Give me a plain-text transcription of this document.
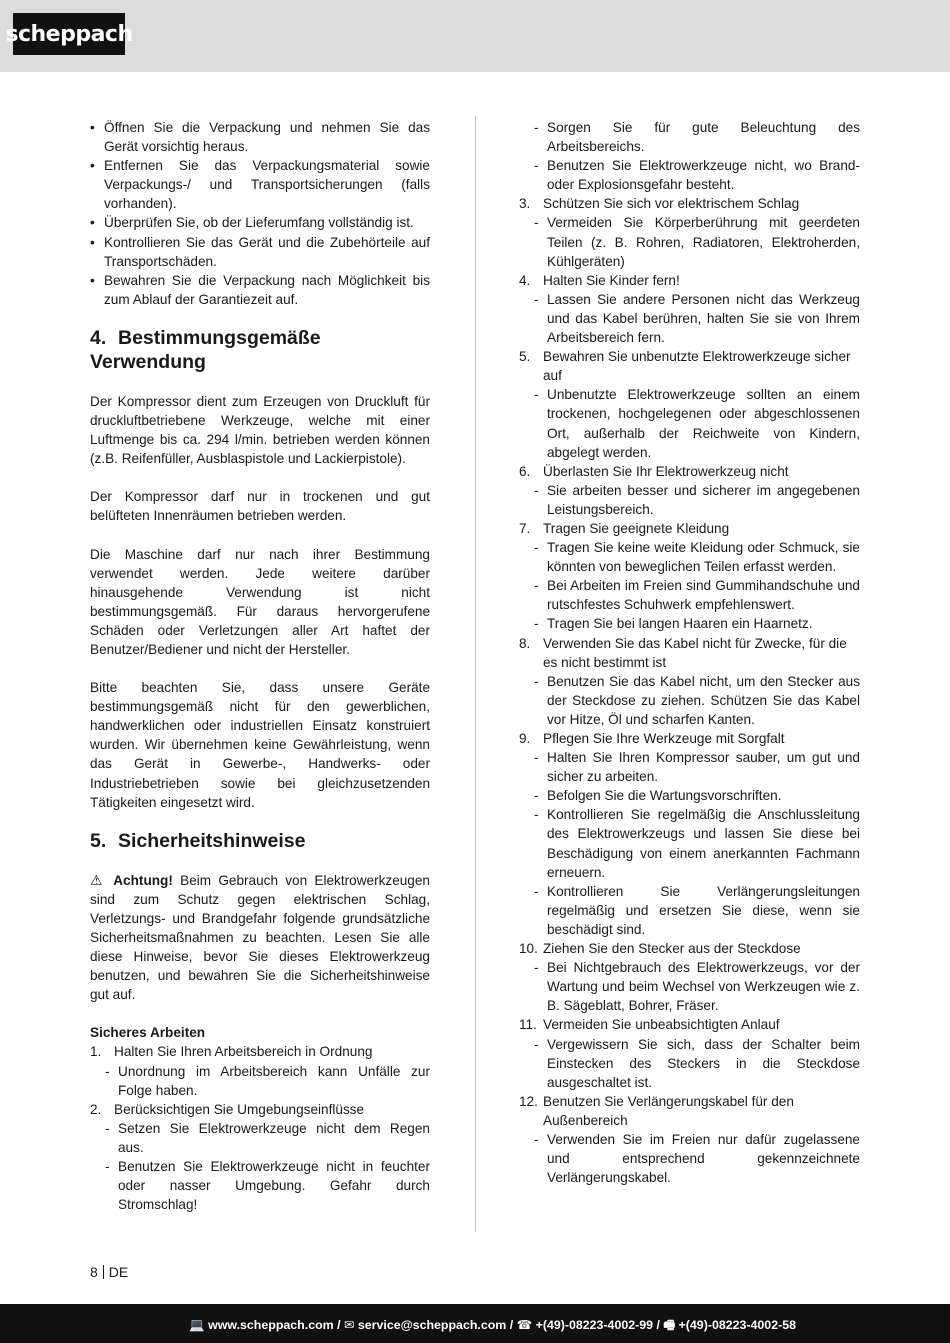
scheppach
• Öffnen Sie die Verpackung und nehmen Sie das Gerät vorsichtig heraus.
• Entfernen Sie das Verpackungsmaterial sowie Verpackungs-/ und Transportsicherungen (falls vorhanden).
• Überprüfen Sie, ob der Lieferumfang vollständig ist.
• Kontrollieren Sie das Gerät und die Zubehörteile auf Transportschäden.
• Bewahren Sie die Verpackung nach Möglichkeit bis zum Ablauf der Garantiezeit auf.
4. Bestimmungsgemäße Verwendung
Der Kompressor dient zum Erzeugen von Druckluft für druckluftbetriebene Werkzeuge, welche mit einer Luftmenge bis ca. 294 l/min. betrieben werden können (z.B. Reifenfüller, Ausblaspistole und Lackierpistole).
Der Kompressor darf nur in trockenen und gut belüfteten Innenräumen betrieben werden.
Die Maschine darf nur nach ihrer Bestimmung verwendet werden. Jede weitere darüber hinausgehende Verwendung ist nicht bestimmungsgemäß. Für daraus hervorgerufene Schäden oder Verletzungen aller Art haftet der Benutzer/Bediener und nicht der Hersteller.
Bitte beachten Sie, dass unsere Geräte bestimmungsgemäß nicht für den gewerblichen, handwerklichen oder industriellen Einsatz konstruiert wurden. Wir übernehmen keine Gewährleistung, wenn das Gerät in Gewerbe-, Handwerks- oder Industriebetrieben sowie bei gleichzusetzenden Tätigkeiten eingesetzt wird.
5. Sicherheitshinweise
⚠ Achtung! Beim Gebrauch von Elektrowerkzeugen sind zum Schutz gegen elektrischen Schlag, Verletzungs- und Brandgefahr folgende grundsätzliche Sicherheitsmaßnahmen zu beachten. Lesen Sie alle diese Hinweise, bevor Sie dieses Elektrowerkzeug benutzen, und bewahren Sie die Sicherheitshinweise gut auf.
Sicheres Arbeiten
1. Halten Sie Ihren Arbeitsbereich in Ordnung
- Unordnung im Arbeitsbereich kann Unfälle zur Folge haben.
2. Berücksichtigen Sie Umgebungseinflüsse
- Setzen Sie Elektrowerkzeuge nicht dem Regen aus.
- Benutzen Sie Elektrowerkzeuge nicht in feuchter oder nasser Umgebung. Gefahr durch Stromschlag!
- Sorgen Sie für gute Beleuchtung des Arbeitsbereichs.
- Benutzen Sie Elektrowerkzeuge nicht, wo Brand- oder Explosionsgefahr besteht.
3. Schützen Sie sich vor elektrischem Schlag
- Vermeiden Sie Körperberührung mit geerdeten Teilen (z. B. Rohren, Radiatoren, Elektroherden, Kühlgeräten)
4. Halten Sie Kinder fern!
- Lassen Sie andere Personen nicht das Werkzeug und das Kabel berühren, halten Sie sie von Ihrem Arbeitsbereich fern.
5. Bewahren Sie unbenutzte Elektrowerkzeuge sicher auf
- Unbenutzte Elektrowerkzeuge sollten an einem trockenen, hochgelegenen oder abgeschlossenen Ort, außerhalb der Reichweite von Kindern, abgelegt werden.
6. Überlasten Sie Ihr Elektrowerkzeug nicht
- Sie arbeiten besser und sicherer im angegebenen Leistungsbereich.
7. Tragen Sie geeignete Kleidung
- Tragen Sie keine weite Kleidung oder Schmuck, sie könnten von beweglichen Teilen erfasst werden.
- Bei Arbeiten im Freien sind Gummihandschuhe und rutschfestes Schuhwerk empfehlenswert.
- Tragen Sie bei langen Haaren ein Haarnetz.
8. Verwenden Sie das Kabel nicht für Zwecke, für die es nicht bestimmt ist
- Benutzen Sie das Kabel nicht, um den Stecker aus der Steckdose zu ziehen. Schützen Sie das Kabel vor Hitze, Öl und scharfen Kanten.
9. Pflegen Sie Ihre Werkzeuge mit Sorgfalt
- Halten Sie Ihren Kompressor sauber, um gut und sicher zu arbeiten.
- Befolgen Sie die Wartungsvorschriften.
- Kontrollieren Sie regelmäßig die Anschlussleitung des Elektrowerkzeugs und lassen Sie diese bei Beschädigung von einem anerkannten Fachmann erneuern.
- Kontrollieren Sie Verlängerungsleitungen regelmäßig und ersetzen Sie diese, wenn sie beschädigt sind.
10. Ziehen Sie den Stecker aus der Steckdose
- Bei Nichtgebrauch des Elektrowerkzeugs, vor der Wartung und beim Wechsel von Werkzeugen wie z. B. Sägeblatt, Bohrer, Fräser.
11. Vermeiden Sie unbeabsichtigten Anlauf
- Vergewissern Sie sich, dass der Schalter beim Einstecken des Steckers in die Steckdose ausgeschaltet ist.
12. Benutzen Sie Verlängerungskabel für den Außenbereich
- Verwenden Sie im Freien nur dafür zugelassene und entsprechend gekennzeichnete Verlängerungskabel.
8 DE
💻 www.scheppach.com / ✉ service@scheppach.com / ☎ +(49)-08223-4002-99 / 🖷 +(49)-08223-4002-58
